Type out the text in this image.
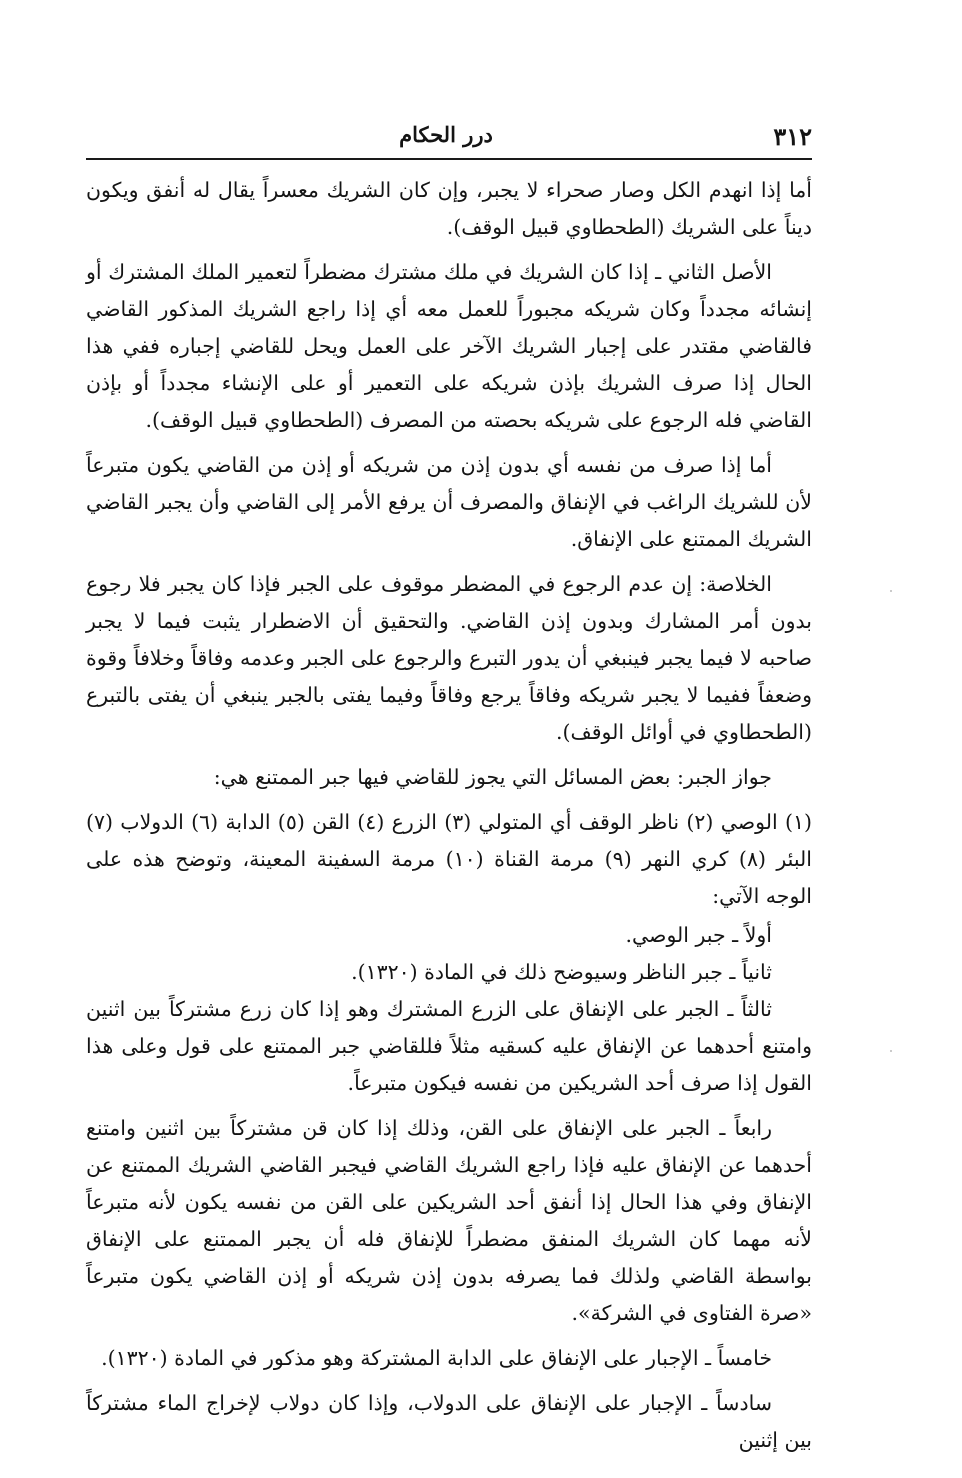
٣١٢
درر الحكام

أما إذا انهدم الكل وصار صحراء لا يجبر، وإن كان الشريك معسراً يقال له أنفق ويكون ديناً على الشريك (الطحطاوي قبيل الوقف).

الأصل الثاني ـ إذا كان الشريك في ملك مشترك مضطراً لتعمير الملك المشترك أو إنشائه مجدداً وكان شريكه مجبوراً للعمل معه أي إذا راجع الشريك المذكور القاضي فالقاضي مقتدر على إجبار الشريك الآخر على العمل ويحل للقاضي إجباره ففي هذا الحال إذا صرف الشريك بإذن شريكه على التعمير أو على الإنشاء مجدداً أو بإذن القاضي فله الرجوع على شريكه بحصته من المصرف (الطحطاوي قبيل الوقف).

أما إذا صرف من نفسه أي بدون إذن من شريكه أو إذن من القاضي يكون متبرعاً لأن للشريك الراغب في الإنفاق والمصرف أن يرفع الأمر إلى القاضي وأن يجبر القاضي الشريك الممتنع على الإنفاق.

الخلاصة: إن عدم الرجوع في المضطر موقوف على الجبر فإذا كان يجبر فلا رجوع بدون أمر المشارك وبدون إذن القاضي. والتحقيق أن الاضطرار يثبت فيما لا يجبر صاحبه لا فيما يجبر فينبغي أن يدور التبرع والرجوع على الجبر وعدمه وفاقاً وخلافاً وقوة وضعفاً ففيما لا يجبر شريكه وفاقاً يرجع وفاقاً وفيما يفتى بالجبر ينبغي أن يفتى بالتبرع (الطحطاوي في أوائل الوقف).

جواز الجبر: بعض المسائل التي يجوز للقاضي فيها جبر الممتنع هي:

(١) الوصي (٢) ناظر الوقف أي المتولي (٣) الزرع (٤) القن (٥) الدابة (٦) الدولاب (٧) البئر (٨) كري النهر (٩) مرمة القناة (١٠) مرمة السفينة المعينة، وتوضح هذه على الوجه الآتي:

أولاً ـ جبر الوصي.

ثانياً ـ جبر الناظر وسيوضح ذلك في المادة (١٣٢٠).

ثالثاً ـ الجبر على الإنفاق على الزرع المشترك وهو إذا كان زرع مشتركاً بين اثنين وامتنع أحدهما عن الإنفاق عليه كسقيه مثلاً فللقاضي جبر الممتنع على قول وعلى هذا القول إذا صرف أحد الشريكين من نفسه فيكون متبرعاً.

رابعاً ـ الجبر على الإنفاق على القن، وذلك إذا كان قن مشتركاً بين اثنين وامتنع أحدهما عن الإنفاق عليه فإذا راجع الشريك القاضي فيجبر القاضي الشريك الممتنع عن الإنفاق وفي هذا الحال إذا أنفق أحد الشريكين على القن من نفسه يكون لأنه متبرعاً لأنه مهما كان الشريك المنفق مضطراً للإنفاق فله أن يجبر الممتنع على الإنفاق بواسطة القاضي ولذلك فما يصرفه بدون إذن شريكه أو إذن القاضي يكون متبرعاً «صرة الفتاوى في الشركة».

خامساً ـ الإجبار على الإنفاق على الدابة المشتركة وهو مذكور في المادة (١٣٢٠).

سادساً ـ الإجبار على الإنفاق على الدولاب، وإذا كان دولاب لإخراج الماء مشتركاً بين إثنين
